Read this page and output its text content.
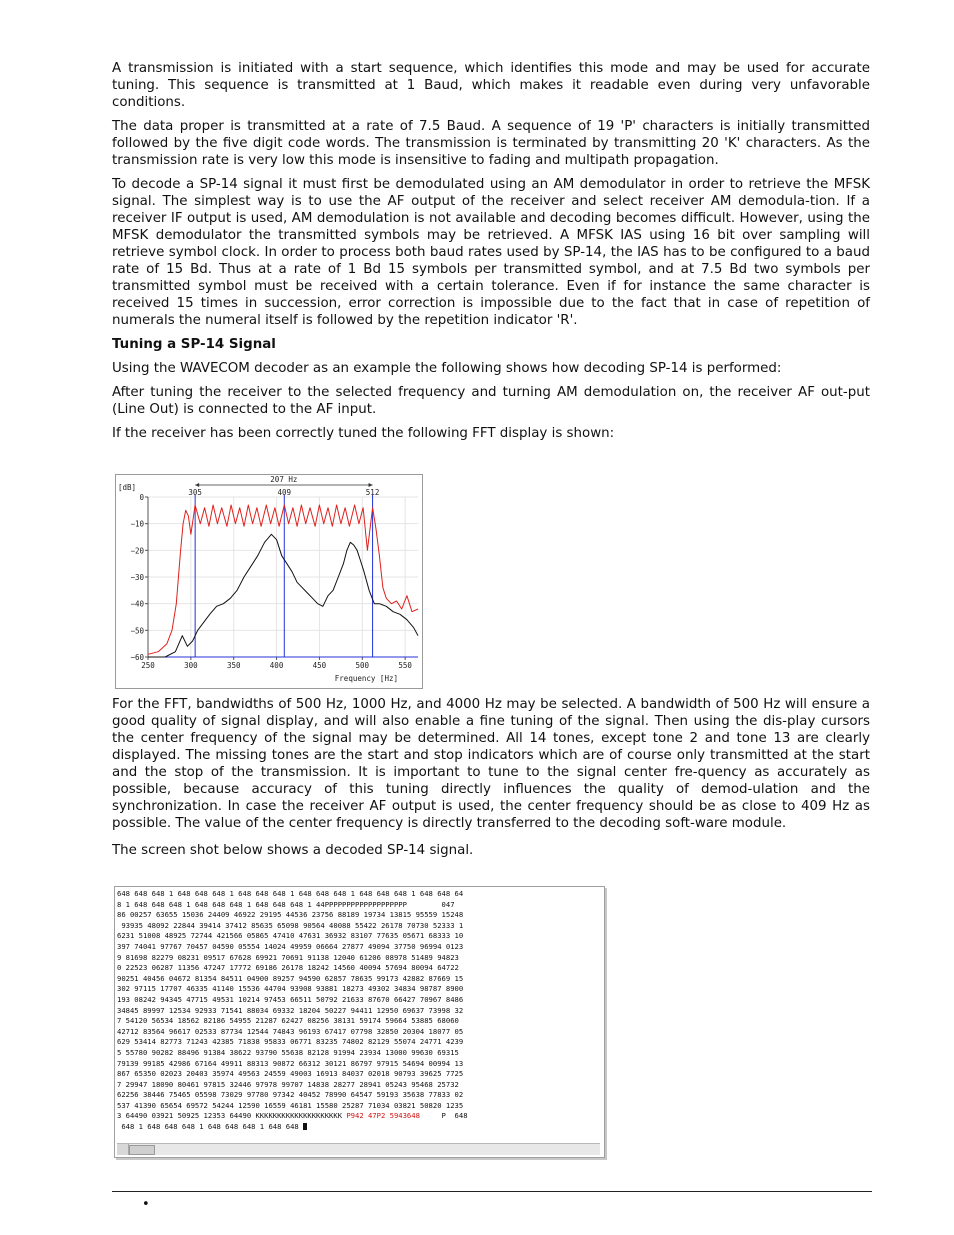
A transmission is initiated with a start sequence, which identifies this mode and may be used for accurate tuning. This sequence is transmitted at 1 Baud, which makes it readable even during very unfavorable conditions.

The data proper is transmitted at a rate of 7.5 Baud. A sequence of 19 'P' characters is initially transmitted followed by the five digit code words. The transmission is terminated by transmitting 20 'K' characters. As the transmission rate is very low this mode is insensitive to fading and multipath propagation.

To decode a SP-14 signal it must first be demodulated using an AM demodulator in order to retrieve the MFSK signal. The simplest way is to use the AF output of the receiver and select receiver AM demodula-tion. If a receiver IF output is used, AM demodulation is not available and decoding becomes difficult. However, using the MFSK demodulator the transmitted symbols may be retrieved. A MFSK IAS using 16 bit over sampling will retrieve symbol clock. In order to process both baud rates used by SP-14, the IAS has to be configured to a baud rate of 15 Bd. Thus at a rate of 1 Bd 15 symbols per transmitted symbol, and at 7.5 Bd two symbols per transmitted symbol must be received with a certain tolerance. Even if for instance the same character is received 15 times in succession, error correction is impossible due to the fact that in case of repetition of numerals the numeral itself is followed by the repetition indicator 'R'.

Tuning a SP-14 Signal

Using the WAVECOM decoder as an example the following shows how decoding SP-14 is performed:

After tuning the receiver to the selected frequency and turning AM demodulation on, the receiver AF out-put (Line Out) is connected to the AF input.

If the receiver has been correctly tuned the following FFT display is shown:

0
−10
−20
−30
−40
−50
−60
250	300	350	400	450	500	550
[dB]
Frequency [Hz]
207 Hz
305	409	512

For the FFT, bandwidths of 500 Hz, 1000 Hz, and 4000 Hz may be selected. A bandwidth of 500 Hz will ensure a good quality of signal display, and will also enable a fine tuning of the signal. Then using the dis-play cursors the center frequency of the signal may be determined. All 14 tones, except tone 2 and tone 13 are clearly displayed. The missing tones are the start and stop indicators which are of course only transmitted at the start and the stop of the transmission. It is important to tune to the signal center fre-quency as accurately as possible, because accuracy of this tuning directly influences the quality of demod-ulation and the synchronization. In case the receiver AF output is used, the center frequency should be as close to 409 Hz as possible. The value of the center frequency is directly transferred to the decoding soft-ware module.

The screen shot below shows a decoded SP-14 signal.

648 648 648 1 648 648 648 1 648 648 648 1 648 648 648 1 648 648 648 1 648 648 64
8 1 648 648 648 1 648 648 648 1 648 648 648 1 44PPPPPPPPPPPPPPPPPPP        047
86 00257 63655 15036 24409 46922 29195 44536 23756 88189 19734 13815 95559 15248
93935 48092 22844 39414 37412 85635 65098 90564 40088 55422 26178 70730 52333 1
6231 51008 48925 72744 421566 05865 47410 47631 36932 83107 77635 05671 68333 10
397 74041 97767 70457 04590 05554 14024 49959 06664 27877 49094 37750 96994 0123
9 81698 82279 08231 09517 67628 69921 70691 91138 12040 61206 08978 51489 94823
0 22523 06287 11356 47247 17772 69186 26178 18242 14560 40094 57694 80094 64722
90251 40456 04672 81354 84511 04900 89257 94590 62857 78635 99173 42882 87669 15
302 97115 17707 46335 41140 15536 44704 93908 93881 18273 49302 34834 98787 8900
193 08242 94345 47715 49531 10214 97453 66511 50792 21633 87670 66427 70967 8486
34845 89997 12534 92933 71541 88034 69332 18204 50227 94411 12950 69637 73998 32
7 54120 56534 18562 82186 54955 21287 62427 08256 38131 59174 59664 53885 68060
42712 83564 96617 02533 87734 12544 74843 96193 67417 07798 32850 20304 18077 05
629 53414 82773 71243 42385 71838 95833 06771 83235 74802 82129 55074 24771 4239
5 55780 90282 88496 91384 38622 93790 55638 82128 91994 23934 13000 99630 69315
79139 99185 42986 67164 49911 88313 90872 66312 30121 86797 97915 54694 00994 13
867 65350 02023 20403 35974 49563 24559 49003 16913 84037 02018 90793 39625 7725
7 29947 18090 80461 97815 32446 97978 99707 14838 28277 28941 05243 95468 25732
62256 38446 75465 05598 73029 97780 97342 40452 78990 64547 59193 35638 77833 02
537 41390 65654 69572 54244 12590 16559 46181 15580 25287 71034 03821 50820 1235
3 64490 03921 50925 12353 64490 KKKKKKKKKKKKKKKKKKKK P942 47P2 5943648     P  648
648 1 648 648 648 1 648 648 648 1 648 648
•
